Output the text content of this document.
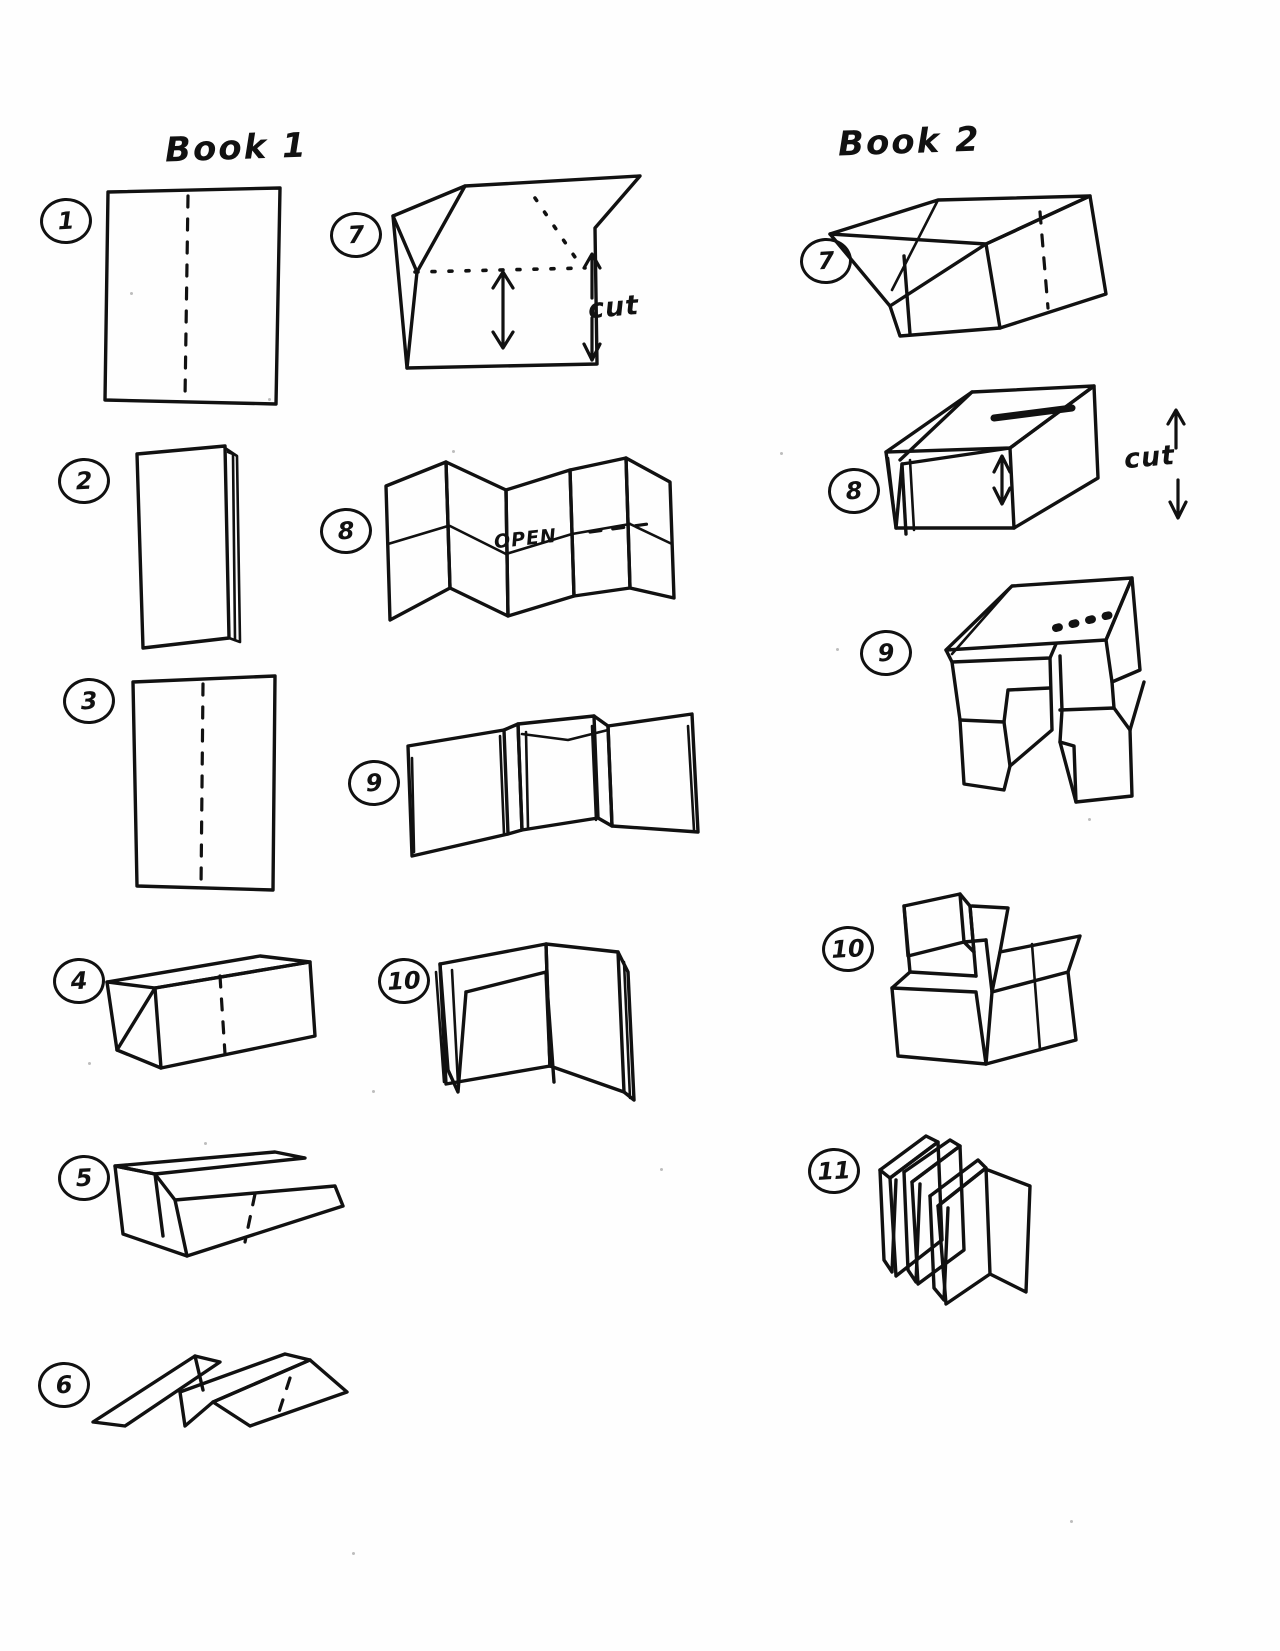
Book 1	Book 2
1
2
3
4
5
6
7
cut
8	OPEN
9
10
7
8
cut
9
10
11
